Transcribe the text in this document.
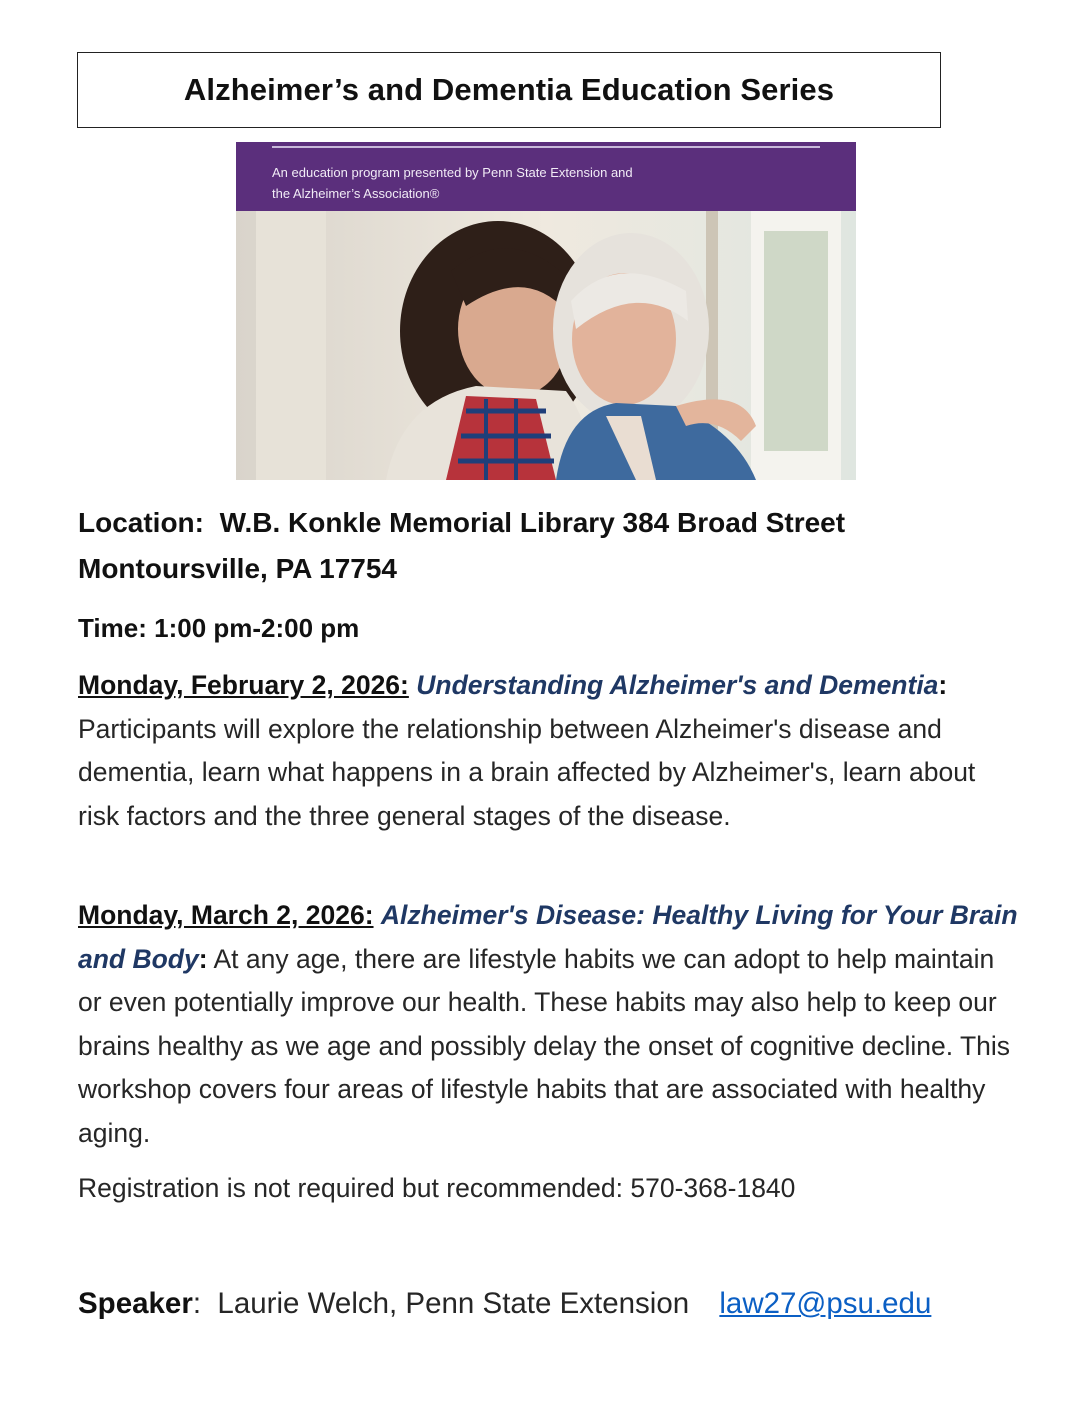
Alzheimer’s and Dementia Education Series

An education program presented by Penn State Extension and
the Alzheimer’s Association®

Location: W.B. Konkle Memorial Library 384 Broad Street
Montoursville, PA 17754

Time: 1:00 pm-2:00 pm

Monday, February 2, 2026: Understanding Alzheimer's and Dementia: Participants will explore the relationship between Alzheimer's disease and dementia, learn what happens in a brain affected by Alzheimer's, learn about risk factors and the three general stages of the disease.

Monday, March 2, 2026: Alzheimer's Disease: Healthy Living for Your Brain and Body: At any age, there are lifestyle habits we can adopt to help maintain or even potentially improve our health. These habits may also help to keep our brains healthy as we age and possibly delay the onset of cognitive decline. This workshop covers four areas of lifestyle habits that are associated with healthy aging.

Registration is not required but recommended: 570-368-1840

Speaker:  Laurie Welch, Penn State Extension law27@psu.edu
